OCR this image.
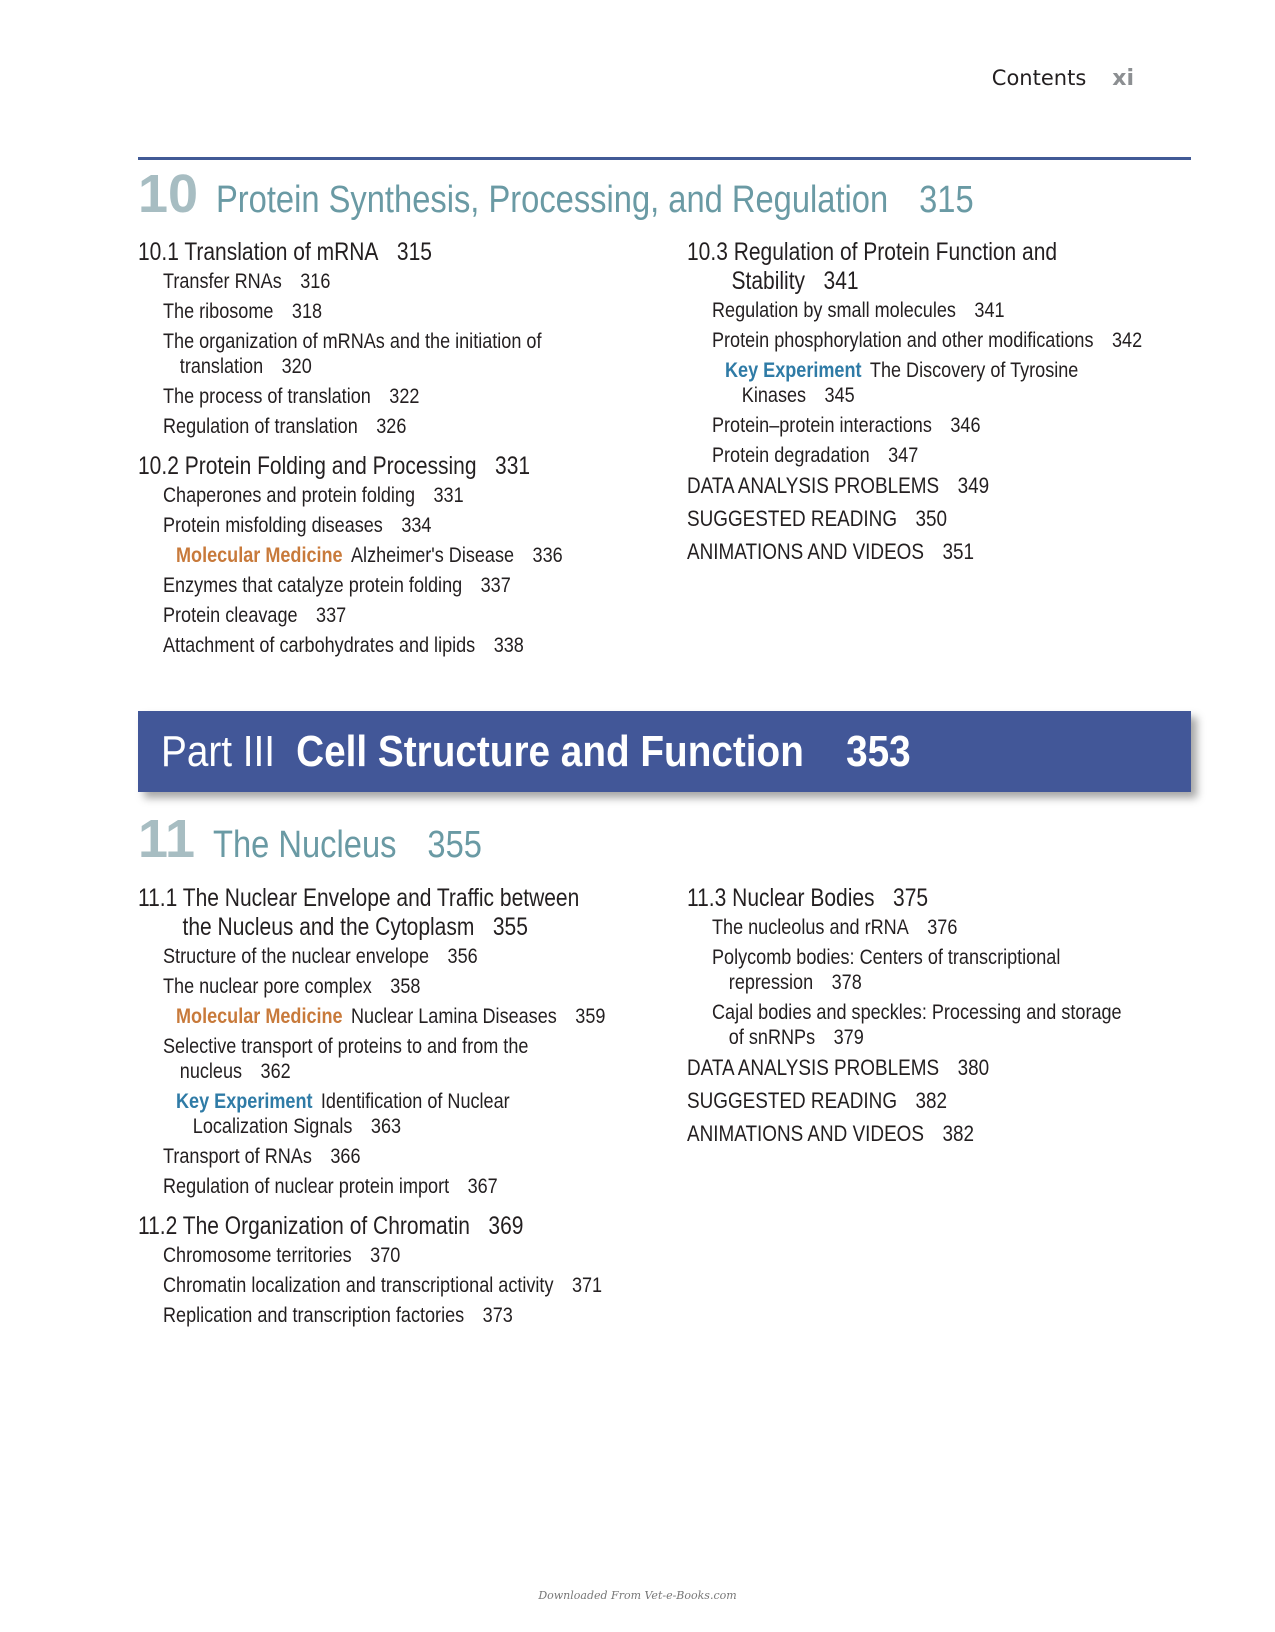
Contents xi
10 Protein Synthesis, Processing, and Regulation 315
10.1 Translation of mRNA 315
Transfer RNAs 316
The ribosome 318
The organization of mRNAs and the initiation of
translation 320
The process of translation 322
Regulation of translation 326
10.2 Protein Folding and Processing 331
Chaperones and protein folding 331
Protein misfolding diseases 334
Molecular Medicine Alzheimer's Disease 336
Enzymes that catalyze protein folding 337
Protein cleavage 337
Attachment of carbohydrates and lipids 338
10.3 Regulation of Protein Function and
Stability 341
Regulation by small molecules 341
Protein phosphorylation and other modifications 342
Key Experiment The Discovery of Tyrosine
Kinases 345
Protein–protein interactions 346
Protein degradation 347
DATA ANALYSIS PROBLEMS 349
SUGGESTED READING 350
ANIMATIONS AND VIDEOS 351
Part III Cell Structure and Function 353
11 The Nucleus 355
11.1 The Nuclear Envelope and Traffic between
the Nucleus and the Cytoplasm 355
Structure of the nuclear envelope 356
The nuclear pore complex 358
Molecular Medicine Nuclear Lamina Diseases 359
Selective transport of proteins to and from the
nucleus 362
Key Experiment Identification of Nuclear
Localization Signals 363
Transport of RNAs 366
Regulation of nuclear protein import 367
11.2 The Organization of Chromatin 369
Chromosome territories 370
Chromatin localization and transcriptional activity 371
Replication and transcription factories 373
11.3 Nuclear Bodies 375
The nucleolus and rRNA 376
Polycomb bodies: Centers of transcriptional
repression 378
Cajal bodies and speckles: Processing and storage
of snRNPs 379
DATA ANALYSIS PROBLEMS 380
SUGGESTED READING 382
ANIMATIONS AND VIDEOS 382
Downloaded From Vet-e-Books.com
